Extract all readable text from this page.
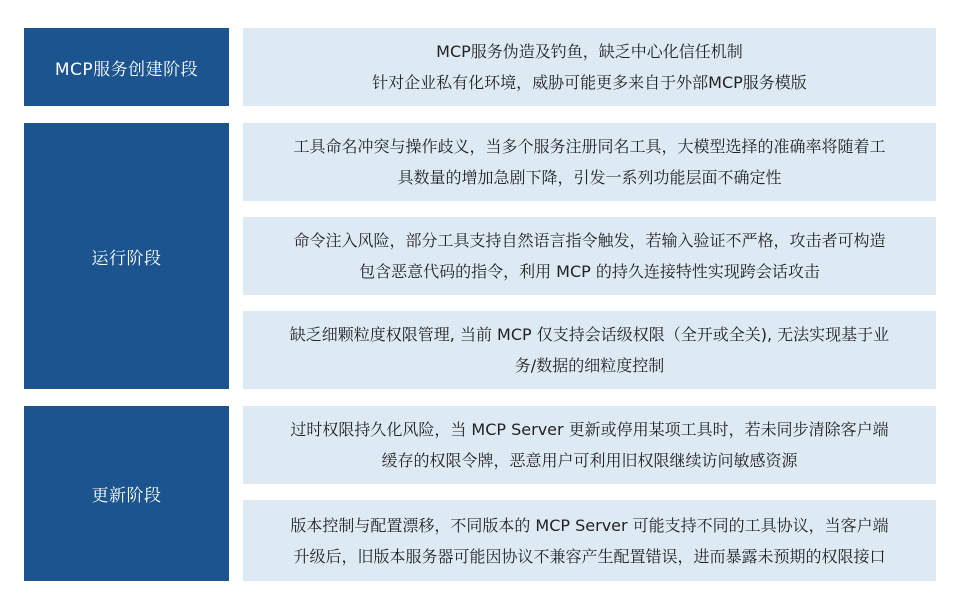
MCP服务创建阶段
MCP服务伪造及钓鱼，缺乏中心化信任机制
针对企业私有化环境，威胁可能更多来自于外部MCP服务模版
运行阶段
工具命名冲突与操作歧义，当多个服务注册同名工具，大模型选择的准确率将随着工
具数量的增加急剧下降，引发一系列功能层面不确定性
命令注入风险，部分工具支持自然语言指令触发，若输入验证不严格，攻击者可构造
包含恶意代码的指令，利用 MCP 的持久连接特性实现跨会话攻击
缺乏细颗粒度权限管理, 当前 MCP 仅支持会话级权限（全开或全关), 无法实现基于业
务/数据的细粒度控制
更新阶段
过时权限持久化风险，当 MCP Server 更新或停用某项工具时，若未同步清除客户端
缓存的权限令牌，恶意用户可利用旧权限继续访问敏感资源
版本控制与配置漂移，不同版本的 MCP Server 可能支持不同的工具协议，当客户端
升级后，旧版本服务器可能因协议不兼容产生配置错误，进而暴露未预期的权限接口
